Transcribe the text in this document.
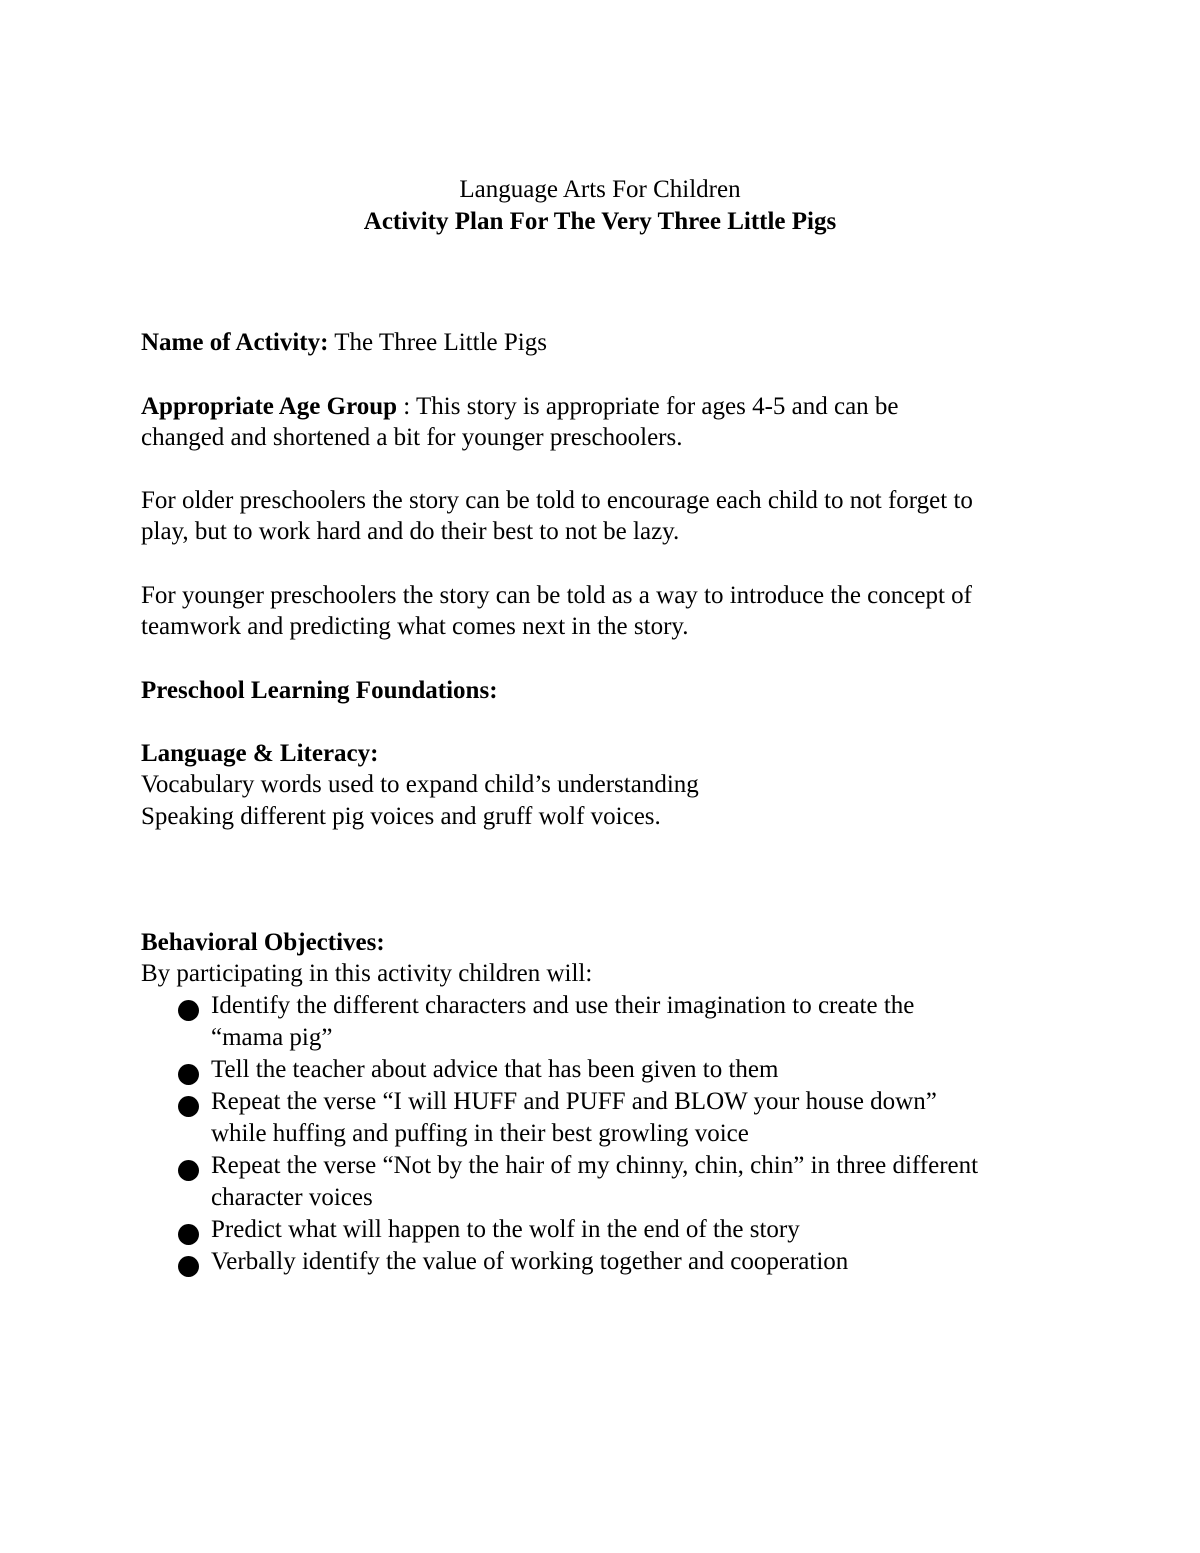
Language Arts For Children
Activity Plan For The Very Three Little Pigs
Name of Activity: The Three Little Pigs
Appropriate Age Group : This story is appropriate for ages 4-5 and can be
changed and shortened a bit for younger preschoolers.
For older preschoolers the story can be told to encourage each child to not forget to
play, but to work hard and do their best to not be lazy.
For younger preschoolers the story can be told as a way to introduce the concept of
teamwork and predicting what comes next in the story.
Preschool Learning Foundations:
Language & Literacy:
Vocabulary words used to expand child’s understanding
Speaking different pig voices and gruff wolf voices.
Behavioral Objectives:
By participating in this activity children will:
Identify the different characters and use their imagination to create the
“mama pig”
Tell the teacher about advice that has been given to them
Repeat the verse “I will HUFF and PUFF and BLOW your house down”
while huffing and puffing in their best growling voice
Repeat the verse “Not by the hair of my chinny, chin, chin” in three different
character voices
Predict what will happen to the wolf in the end of the story
Verbally identify the value of working together and cooperation
